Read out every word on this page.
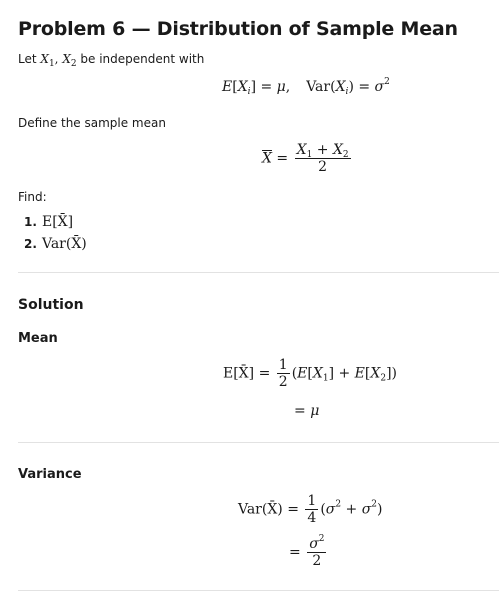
Problem 6 — Distribution of Sample Mean
Let $X_1$, $X_2$ be independent with
$E[X_i] = \mu$, $Var(X_i) = \sigma^2$
Define the sample mean
$\overline{X} = \frac{X_1 + X_2}{2}$
Find:
1. E[X̄]
2. Var(X̄)
Solution
Mean
E[X̄] = $\frac{1}{2} (E[X_1] + E[X_2])$
= μ
Variance
Var(X̄) = $\frac{1}{4} (\sigma^2 + \sigma^2)$
= $\frac{\sigma^2}{2}$
